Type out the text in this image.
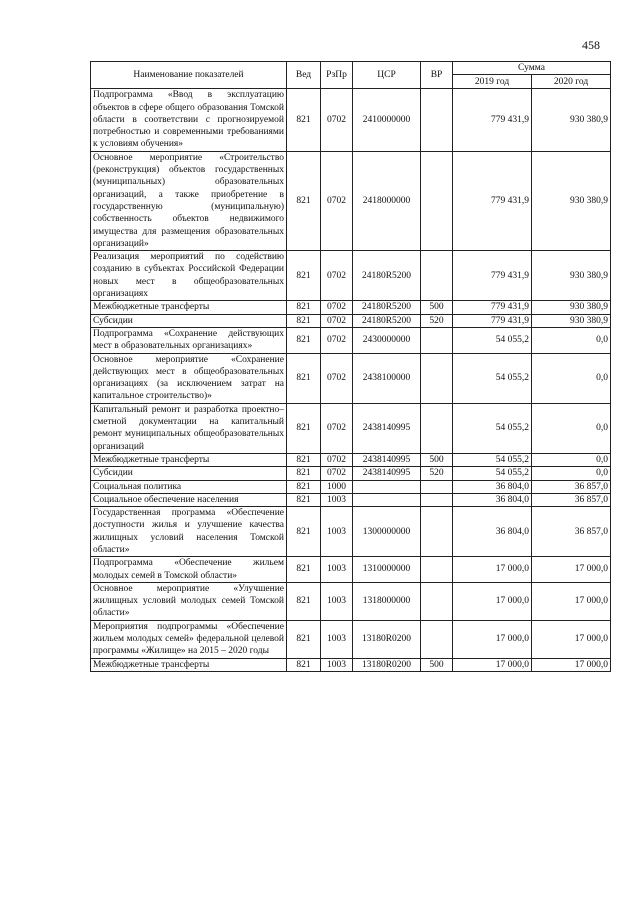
458
Наименование показателей	Вед	РзПр	ЦСР	ВР	Сумма	
					2019 год	2020 год
Подпрограмма «Ввод в эксплуатацию объектов в сфере общего образования Томской области в соответствии с прогнозируемой потребностью и современными требованиями к условиям обучения»	821	0702	2410000000		779 431,9	930 380,9
Основное мероприятие «Строительство (реконструкция) объектов государственных (муниципальных) образовательных организаций, а также приобретение в государственную (муниципальную) собственность объектов недвижимого имущества для размещения образовательных организаций»	821	0702	2418000000		779 431,9	930 380,9
Реализация мероприятий по содействию созданию в субъектах Российской Федерации новых мест в общеобразовательных организациях	821	0702	24180R5200		779 431,9	930 380,9
Межбюджетные трансферты	821	0702	24180R5200	500	779 431,9	930 380,9
Субсидии	821	0702	24180R5200	520	779 431,9	930 380,9
Подпрограмма «Сохранение действующих мест в образовательных организациях»	821	0702	2430000000		54 055,2	0,0
Основное мероприятие «Сохранение действующих мест в общеобразовательных организациях (за исключением затрат на капитальное строительство)»	821	0702	2438100000		54 055,2	0,0
Капитальный ремонт и разработка проектно–сметной документации на капитальный ремонт муниципальных общеобразовательных организаций	821	0702	2438140995		54 055,2	0,0
Межбюджетные трансферты	821	0702	2438140995	500	54 055,2	0,0
Субсидии	821	0702	2438140995	520	54 055,2	0,0
Социальная политика	821	1000			36 804,0	36 857,0
Социальное обеспечение населения	821	1003			36 804,0	36 857,0
Государственная программа «Обеспечение доступности жилья и улучшение качества жилищных условий населения Томской области»	821	1003	1300000000		36 804,0	36 857,0
Подпрограмма «Обеспечение жильем молодых семей в Томской области»	821	1003	1310000000		17 000,0	17 000,0
Основное мероприятие «Улучшение жилищных условий молодых семей Томской области»	821	1003	1318000000		17 000,0	17 000,0
Мероприятия подпрограммы «Обеспечение жильем молодых семей» федеральной целевой программы «Жилище» на 2015 – 2020 годы	821	1003	13180R0200		17 000,0	17 000,0
Межбюджетные трансферты	821	1003	13180R0200	500	17 000,0	17 000,0
